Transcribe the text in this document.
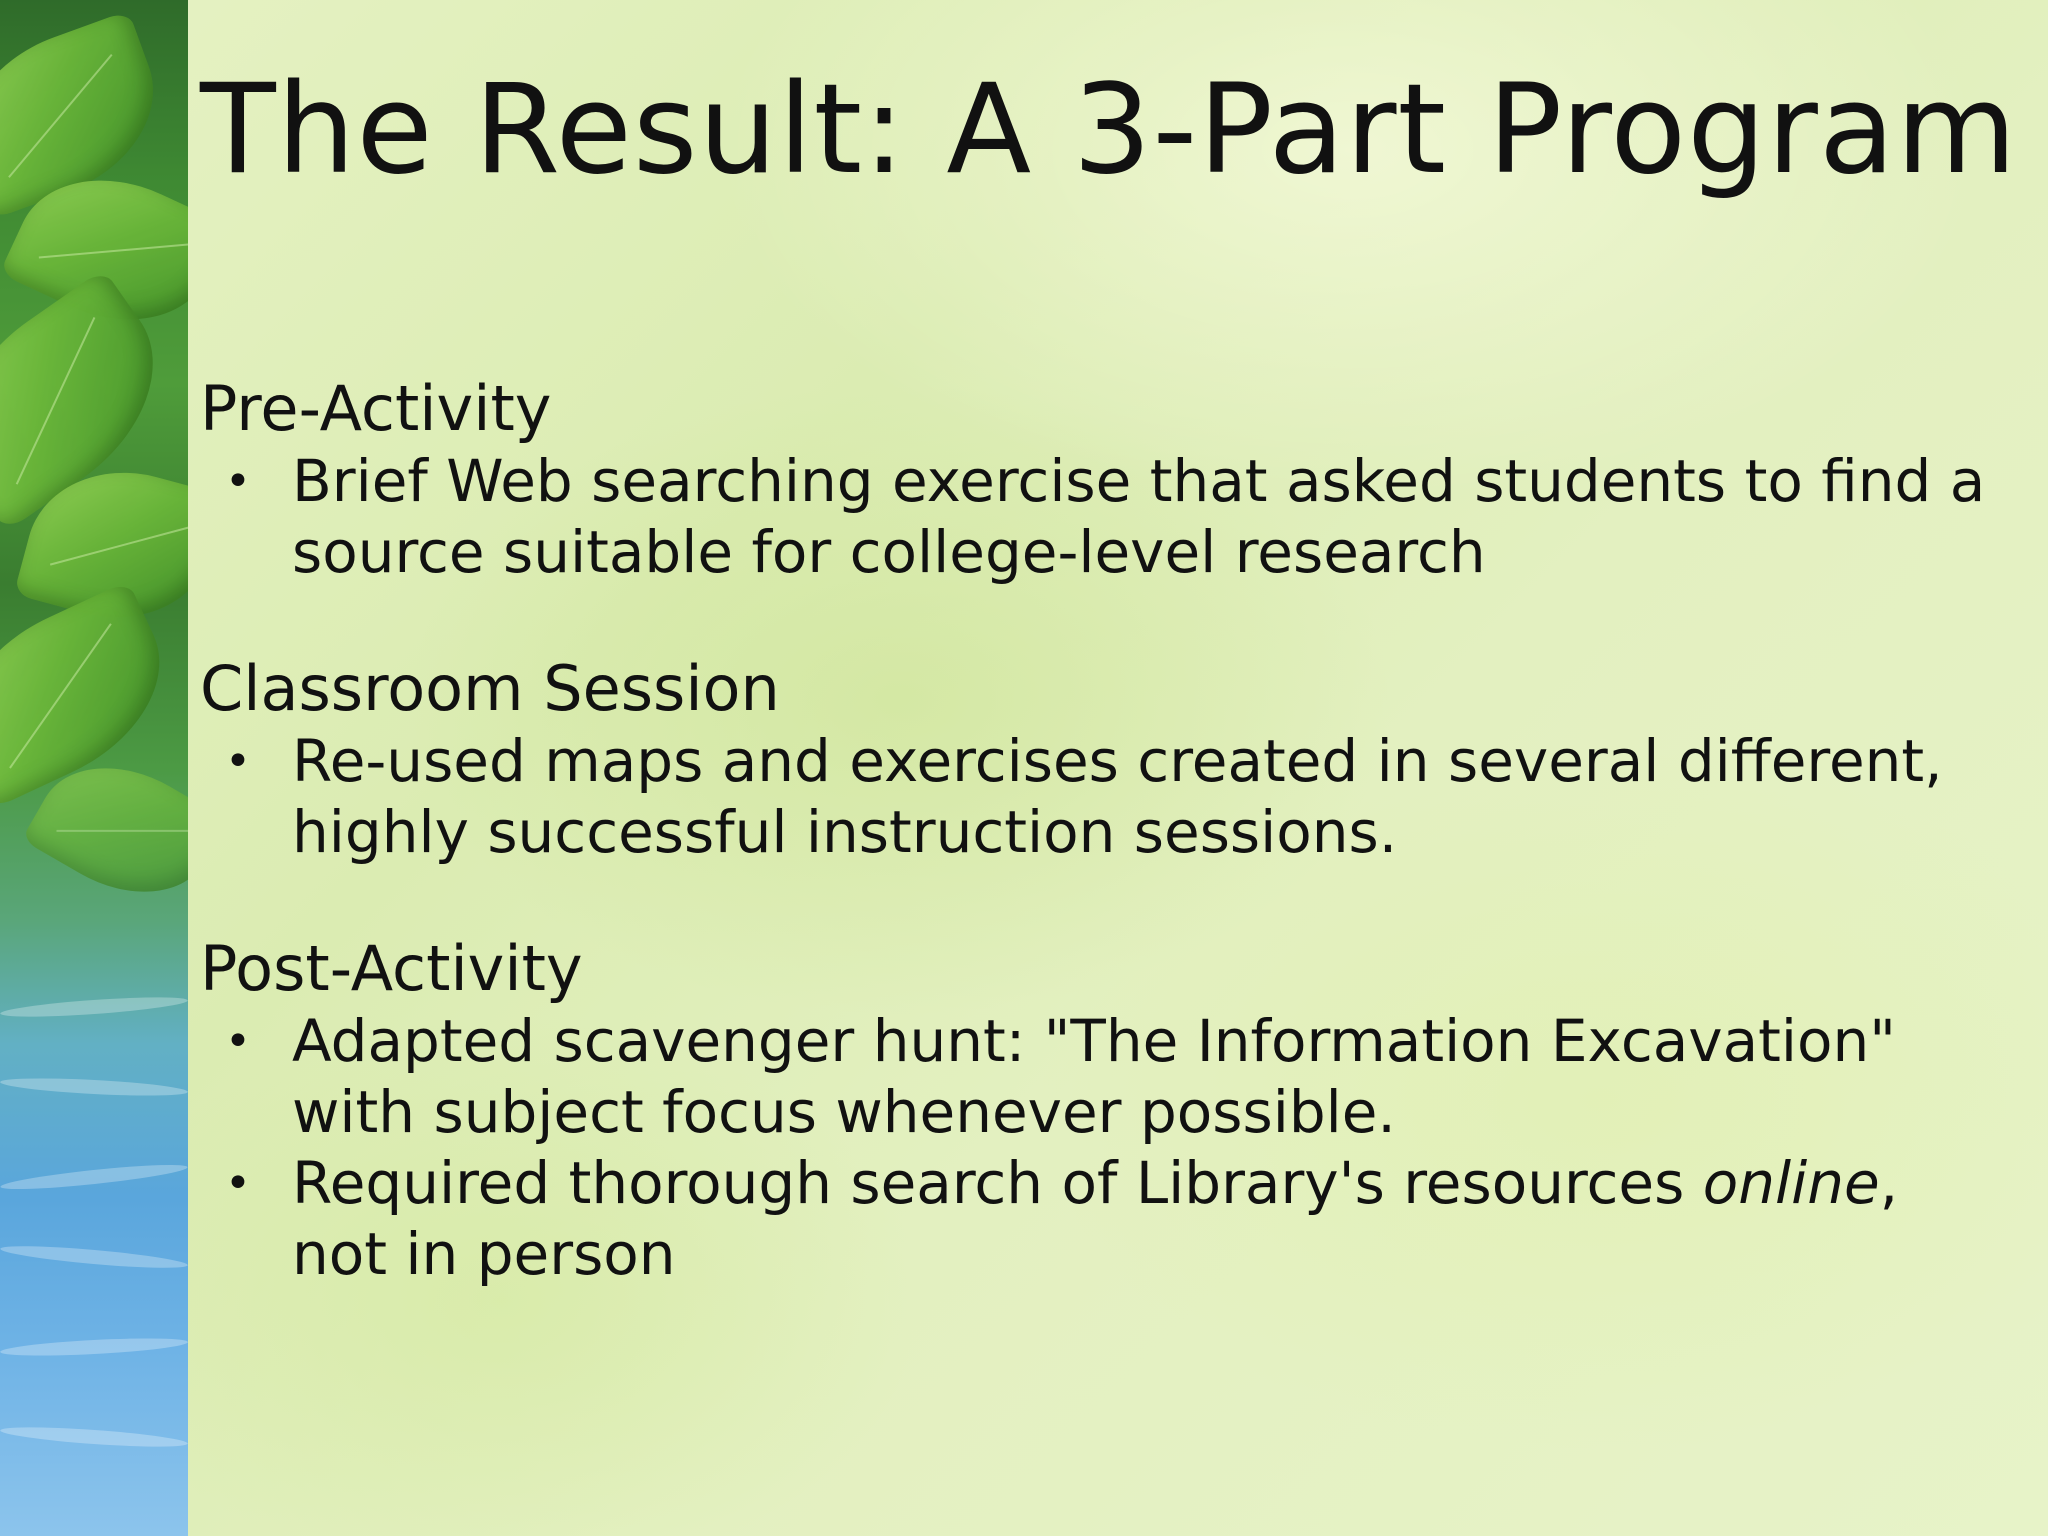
The Result: A 3-Part Program
Pre-Activity
• Brief Web searching exercise that asked students to find a source suitable for college-level research
Classroom Session
• Re-used maps and exercises created in several different, highly successful instruction sessions.
Post-Activity
• Adapted scavenger hunt: "The Information Excavation" with subject focus whenever possible.
• Required thorough search of Library's resources online, not in person
